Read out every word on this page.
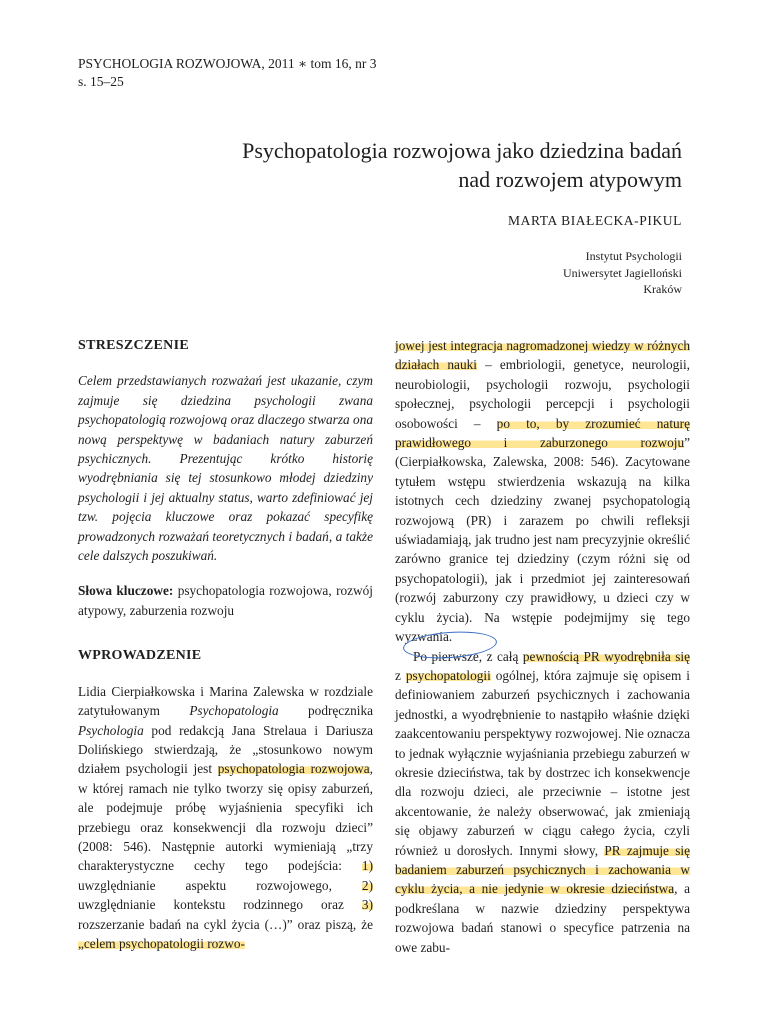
PSYCHOLOGIA ROZWOJOWA, 2011 ∗ tom 16, nr 3
s. 15–25
Psychopatologia rozwojowa jako dziedzina badań
nad rozwojem atypowym
MARTA BIAŁECKA-PIKUL
Instytut Psychologii
Uniwersytet Jagielloński
Kraków
STRESZCZENIE

Celem przedstawianych rozważań jest ukazanie, czym zajmuje się dziedzina psychologii zwana psychopatologią rozwojową oraz dlaczego stwarza ona nową perspektywę w badaniach natury zaburzeń psychicznych. Prezentując krótko historię wyodrębniania się tej stosunkowo młodej dziedziny psychologii i jej aktualny status, warto zdefiniować jej tzw. pojęcia kluczowe oraz pokazać specyfikę prowadzonych rozważań teoretycznych i badań, a także cele dalszych poszukiwań.

Słowa kluczowe: psychopatologia rozwojowa, rozwój atypowy, zaburzenia rozwoju

WPROWADZENIE

Lidia Cierpiałkowska i Marina Zalewska w rozdziale zatytułowanym Psychopatologia podręcznika Psychologia pod redakcją Jana Strelaua i Dariusza Dolińskiego stwierdzają, że „stosunkowo nowym działem psychologii jest psychopatologia rozwojowa, w której ramach nie tylko tworzy się opisy zaburzeń, ale podejmuje próbę wyjaśnienia specyfiki ich przebiegu oraz konsekwencji dla rozwoju dzieci” (2008: 546). Następnie autorki wymieniają „trzy charakterystyczne cechy tego podejścia: 1) uwzględnianie aspektu rozwojowego, 2) uwzględnianie kontekstu rodzinnego oraz 3) rozszerzanie badań na cykl życia (…)” oraz piszą, że „celem psychopatologii rozwo-

jowej jest integracja nagromadzonej wiedzy w różnych działach nauki – embriologii, genetyce, neurologii, neurobiologii, psychologii rozwoju, psychologii społecznej, psychologii percepcji i psychologii osobowości – po to, by zrozumieć naturę prawidłowego i zaburzonego rozwoju” (Cierpiałkowska, Zalewska, 2008: 546). Zacytowane tytułem wstępu stwierdzenia wskazują na kilka istotnych cech dziedziny zwanej psychopatologią rozwojową (PR) i zarazem po chwili refleksji uświadamiają, jak trudno jest nam precyzyjnie określić zarówno granice tej dziedziny (czym różni się od psychopatologii), jak i przedmiot jej zainteresowań (rozwój zaburzony czy prawidłowy, u dzieci czy w cyklu życia). Na wstępie podejmijmy się tego wyzwania.

Po pierwsze, z całą pewnością PR wyodrębniła się z psychopatologii ogólnej, która zajmuje się opisem i definiowaniem zaburzeń psychicznych i zachowania jednostki, a wyodrębnienie to nastąpiło właśnie dzięki zaakcentowaniu perspektywy rozwojowej. Nie oznacza to jednak wyłącznie wyjaśniania przebiegu zaburzeń w okresie dzieciństwa, tak by dostrzec ich konsekwencje dla rozwoju dzieci, ale przeciwnie – istotne jest akcentowanie, że należy obserwować, jak zmieniają się objawy zaburzeń w ciągu całego życia, czyli również u dorosłych. Innymi słowy, PR zajmuje się badaniem zaburzeń psychicznych i zachowania w cyklu życia, a nie jedynie w okresie dzieciństwa, a podkreślana w nazwie dziedziny perspektywa rozwojowa badań stanowi o specyfice patrzenia na owe zabu-
